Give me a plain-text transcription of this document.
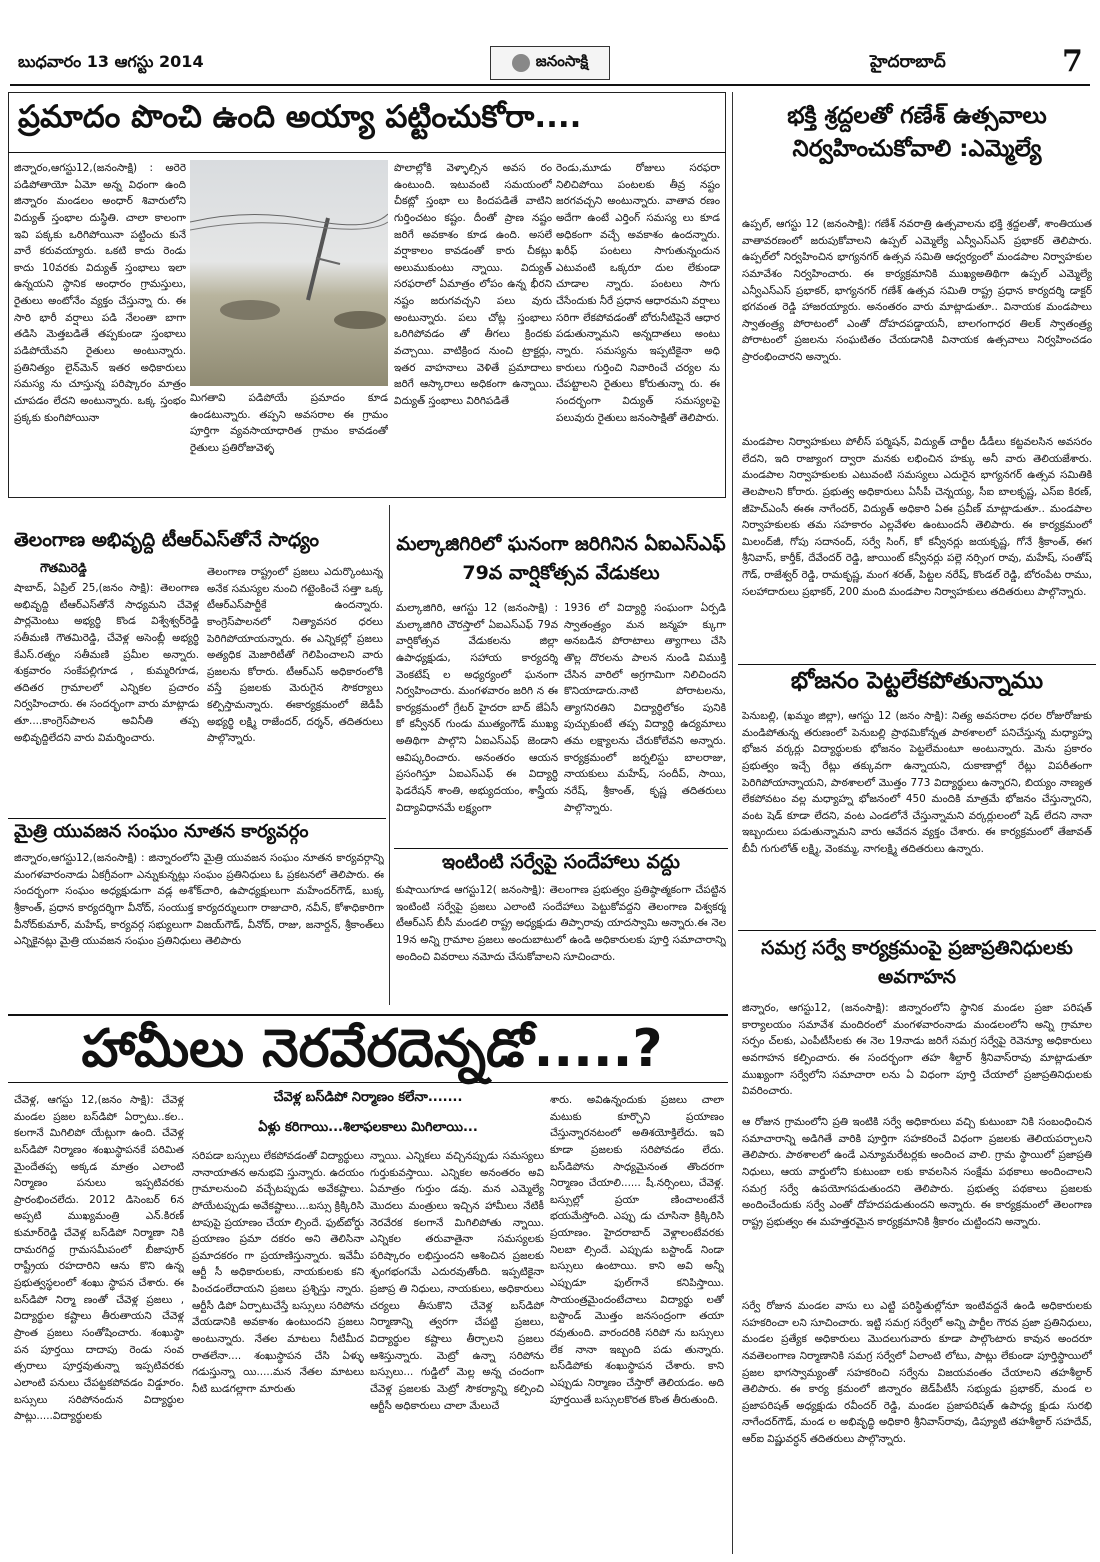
బుధవారం 13 ఆగస్టు 2014	జనంసాక్షి	హైదరాబాద్	7
ప్రమాదం పొంచి ఉంది అయ్యా పట్టించుకోరా....
జిన్నారం,ఆగస్టు12,(జనంసాక్షి) : అరెరె పడిపోతాయో ఏమో అన్న విధంగా ఉంది జిన్నారం మండలం అంధార్ శివారులోని విద్యుత్ స్తంభాల దుస్థితి. చాలా కాలంగా ఇవి పక్కకు ఒరిగిపోయినా పట్టించు కునే వారే కరువయ్యారు. ఒకటి కాదు రెండు కాదు 10వరకు విద్యుత్ స్తంభాలు ఇలా ఉన్నయని స్థానిక అంధారం గ్రామస్తులు, రైతులు అంటోనేం వ్యక్తం చేస్తున్నా రు. ఈ సారి భారీ వర్షాలు పడి నేలంతా బాగా తడిసి మెత్తబడితే తప్పకుండా స్తంభాలు పడిపోయేవని రైతులు అంటున్నారు. ప్రతినిత్యం లైన్‌మెన్ ఇతర అధికారులు సమస్య ను చూస్తున్న పరిష్కారం మాత్రం చూపడం లేదని అంటున్నారు. ఒక్క స్తంభం ప్రక్కకు కుంగిపోయినా
మిగతావి పడిపోయే ప్రమాదం కూడ ఉండటున్నారు. తప్పని అవసరాల ఈ గ్రామం పూర్తిగా వ్యవసాయాధారిత గ్రామం కావడంతో రైతులు ప్రతిరోజువెళ్ళ
పొలాల్లోకి వెళ్ళాల్సిన అవస రం ఉంటుంది. ఇటువంటి సమయంలో చీకట్లో స్తంభా లు కిందపడితే వాటిని గుర్తించటం కష్టం. దీంతో ప్రాణ నష్టం జరిగే అవకాశం కూడ ఉంది. అసలే వర్షాకాలం కావడంతో కారు చీకట్లు అలుముకుంటు న్నాయి. విద్యుత్ సరఫరాలో ఏమాత్రం లోపం ఉన్న భీరని నష్టం జరుగవచ్చని పలు వురు అంటున్నారు. పలు చోట్ల స్తంభాలు ఒరిగిపోవడం తో తీగలు క్రిందకు వచ్చాయి. వాటిక్రింద నుంచి ట్రాక్టర్లు, ఇతర వాహనాలు వెళితే ప్రమాదాలు జరిగే ఆస్కారాలు అధికంగా ఉన్నాయి. విద్యుత్ స్తంభాలు విరిగిపడితే
రెండు,మూడు రోజులు సరఫరా నిలిచిపోయి పంటలకు తీవ్ర నష్టం జరగవచ్చని అంటున్నారు. వాతావ రణం అదేగా ఉంటే ఎర్తింగ్ సమస్య లు కూడ అధికంగా వచ్చే అవకాశం ఉందన్నారు. ఖరీఫ్ పంటలు సాగుతున్నందున ఎటువంటి ఒక్కరూ దుల లేకుండా చూడాల న్నారు. పంటలు సాగు చేసేందుకు నీరే ప్రధాన ఆధారమని వర్షాలు సరిగా లేకపోవడంతో బోరునీటిపైనే ఆధార పడుతున్నామని అన్నదాతలు అంటు న్నారు. సమస్యను ఇప్పటికైనా అధి కారులు గుర్తించి నివారించే చర్యల ను చేపట్టాలని రైతులు కోరుతున్నా రు. ఈ సందర్భంగా విద్యుత్ సమస్యలపై పలువురు రైతులు జనంసాక్షితో తెలిపారు.
తెలంగాణ అభివృద్ది టీఆర్ఎస్‌తోనే సాధ్యం
గౌతమిరెడ్డి
షాబాద్, ఏప్రిల్ 25,(జనం సాక్షి): తెలంగాణ అభివృద్ది టీఆర్ఎస్‌తోనే సాధ్యమని చేవెళ్ల పార్లమెంటు అభ్యర్థి కొండ విశ్వేశ్వర్‌రెడ్డి సతీమణి గౌతమిరెడ్డి, చేవెళ్ల అసెంబ్లీ అభ్యర్థి కేఎస్.రత్నం సతీమణి ప్రమీల అన్నారు. శుక్రవారం సంకేపల్లిగూడ , కుమ్మరిగూడ, తదితర గ్రామాలలో ఎన్నికల ప్రచారం నిర్వహించారు. ఈ సందర్భంగా వారు మాట్లాడు తూ....కాంగ్రెస్‌పాలన అవినీతి తప్ప అభివృద్దిలేదని వారు విమర్శించారు.
తెలంగాణ రాష్ట్రంలో ప్రజలు ఎదుర్కొంటున్న అనేక సమస్యల నుంచి గట్టెంకించే సత్తా ఒక్క టీఆర్ఎస్‌పార్టీకే ఉందన్నారు. కాంగ్రెస్‌పాలనలో నిత్యావసర ధరలు పెరిగిపోయాయన్నారు. ఈ ఎన్నికల్లో ప్రజలు అత్యధిక మెజారిటీతో గెలిపించాలని వారు ప్రజలను కోరారు. టీఆర్ఎస్ అధికారంలోకి వస్తే ప్రజలకు మెరుగైన సౌకర్యాలు కల్పిస్తామన్నారు. ఈకార్యక్రమంలో జెడీపీ అభ్యర్థి లక్ష్మి రాజేందర్, దర్శన్, తదితరులు పాల్గొన్నారు.
మైత్రి యువజన సంఘం నూతన కార్యవర్గం
జిన్నారం,ఆగస్టు12,(జనంసాక్షి) : జిన్నారంలోని మైత్రి యువజన సంఘం నూతన కార్యవర్గాన్ని మంగళవారంనాడు ఏకగ్రీవంగా ఎన్నుకున్నట్లు సంఘం ప్రతినిధులు ఓ ప్రకటనలో తెలిపారు. ఈ సందర్భంగా సంఘం అధ్యక్షుడుగా వడ్ల అశోక్‌చారి, ఉపాధ్యక్షులుగా మహేందర్‌గౌడ్, బుక్క శ్రీకాంత్, ప్రధాన కార్యదర్శిగా వీనోద్, సంయుక్త కార్యదర్శులుగా రాజుచారి, నవీన్, కోశాధికారిగా వీనోద్‌కుమార్, మహేష్, కార్యవర్గ సభ్యులుగా విజయ్‌గౌడ్, వీనోద్, రాజు, జనార్దన్, శ్రీకాంత్‌లు ఎన్నికైనట్లు మైత్రి యువజన సంఘం ప్రతినిధులు తెలిపారు
మల్కాజిగిరిలో ఘనంగా జరిగినిన ఏఐఎస్ఎఫ్ 79వ వార్షికోత్సవ వేడుకలు
మల్కాజిగిరి, ఆగస్టు 12 (జనంసాక్షి) : మల్కాజిగిరి చౌరస్తాలో ఏఐఎస్ఎఫ్ 79వ వార్షికోత్సవ వేడుకలను జిల్లా ఉపాధ్యక్షుడు, సహాయ కార్యదర్శి వెంకటేష్ ల అధ్యర్యంలో ఘనంగా నిర్వహించారు. మంగళవారం జరిగి న ఈ కార్యక్రమంలో గ్రేటర్ హైదరా బాద్ జేఏసీ కో కన్వీనర్ గుండు ముత్యంగౌడ్ ముఖ్య అతిథిగా పాల్గొని ఏఐఎస్ఎఫ్ జెండాని ఆవిష్కరించారు. అనంతరం ఆయన ప్రసంగిస్తూ ఏఐఎస్ఎఫ్ ఈ విద్యార్ధి ఫెడరేషన్ శాంతి, అభ్యుదయం, శాస్త్రీయ విద్యావిధానమే లక్ష్యంగా
1936 లో విద్యార్ధి సంఘంగా ఏర్పడి స్వాతంత్ర్యం మన జన్మహ క్కుగా అనబడిన పోరాటాలు త్యాగాలు చేసి తొల్ల దొరలను పాలన నుండి విముక్తి చేసిన వారిలో అగ్రగామిగా నిలిచిందని కొనియాడారు.నాటి పోరాటలను, త్యాగనిరతిని విద్యార్ధిలోకం పునికి పుచ్చుకుంటే తప్ప విద్యార్ధి ఉద్యమాలు తమ లక్ష్యాలను చేరుకోలేవని అన్నారు. కార్యక్రమంలో జర్నలిస్టు బాలరాజు, నాయకులు మహేష్, సందీప్, సాయి, నరేష్, శ్రీకాంత్, కృష్ణ తదితరులు పాల్గొన్నారు.
ఇంటింటి సర్వేపై సందేహాలు వద్దు
కుషాయిగూడ ఆగస్టు12( జనంసాక్షి): తెలంగాణ ప్రభుత్వం ప్రతిష్ఠాత్మకంగా చేపట్టిన ఇంటింటి సర్వేపై ప్రజలు ఎలాంటి సందేహాలు పెట్టుకోవద్దని తెలంగాణ విశ్వకర్మ టీఆర్ఎస్ బీసీ మండలి రాష్ట్ర అధ్యక్షుడు తిప్పారావు యాదస్వామి అన్నారు.ఈ నెల 19న అన్ని గ్రామాల ప్రజలు అందుబాటులో ఉండి అధికారులకు పూర్తి సమాచారాన్ని అందించి వివరాలు నమోదు చేసుకోవాలని సూచించారు.
భక్తి శ్రద్దలతో గణేశ్ ఉత్సవాలు నిర్వహించుకోవాలి :ఎమ్మెల్యే
ఉప్పల్, ఆగస్టు 12 (జనంసాక్షి): గణేశ్ నవరాత్రి ఉత్సవాలను భక్తి శ్రద్దలతో, శాంతియుత వాతావరణంలో జరుపుకోవాలని ఉప్పల్ ఎమ్మెల్యే ఎన్వీఎస్ఎస్ ప్రభాకర్ తెలిపారు. ఉప్పల్‌లో నిర్వహించిన భాగ్యనగర్ ఉత్సవ సమితి ఆధ్వర్యంలో మండపాల నిర్వాహకుల సమావేశం నిర్వహించారు. ఈ కార్యక్రమానికి ముఖ్యఅతిథిగా ఉప్పల్ ఎమ్మెల్యే ఎన్వీఎస్ఎస్ ప్రభాకర్, భాగ్యనగర్ గణేశ్ ఉత్సవ సమితి రాష్ట్ర ప్రధాన కార్యదర్శి డాక్టర్ భగవంత రెడ్డి హాజరయ్యారు. అనంతరం వారు మాట్లాడుతూ.. వినాయక మండపాలు స్వాతంత్ర్య పోరాటంలో ఎంతో దోహదపడ్డాయనీ, బాలగంగాధర తిలక్ స్వాతంత్ర్య పోరాటంలో ప్రజలను సంఘటితం చేయడానికి వినాయక ఉత్సవాలు నిర్వహించడం ప్రారంభించారని అన్నారు.
మండపాల నిర్వాహకులు పోలీస్ పర్మిషన్, విద్యుత్ చార్జీల డీడీలు కట్టవలసిన అవసరం లేదని, ఇది రాజ్యాంగ ద్వారా మనకు లభించిన హక్కు అనీ వారు తెలియజేశారు. మండపాల నిర్వాహకులకు ఎటువంటి సమస్యలు ఎదురైన భాగ్యనగర్ ఉత్సవ సమితికి తెలపాలని కోరారు. ప్రభుత్వ అధికారులు ఏసీపీ చెన్నయ్య, సీఐ బాలకృష్ణ, ఎస్ఐ కిరణ్, జీహెచ్ఎంసీ ఈఈ నాగేందర్, విద్యుత్ అధికారి ఏఈ ప్రవీణ్ మాట్లాడుతూ.. మండపాల నిర్వాహకులకు తమ సహకారం ఎల్లవేళల ఉంటుందనీ తెలిపారు. ఈ కార్యక్రమంలో మిలంద్‌జీ, గోపు సదానంద్, సర్వే సింగ్, కో కన్వీనర్లు జయకృష్ణ, గోనే శ్రీకాంత్, ఈగ శ్రీనివాస్, కార్తీక్, దేవేందర్ రెడ్డి, జాయింట్ కన్వీనర్లు పల్లె నర్సింగ రావు, మహేష్, సంతోష్ గౌడ్, రాజేశ్వర్ రెడ్డి, రామకృష్ణ, మంగ శరత్, పిట్టల నరేష్, కొండల్ రెడ్డి, బోరంపేట రాము, సలహాదారులు ప్రభాకర్, 200 మంది మండపాల నిర్వాహకులు తదితరులు పాల్గొన్నారు.
భోజనం పెట్టలేకపోతున్నాము
పెనుబల్లి, (ఖమ్మం జిల్లా), ఆగస్టు 12 (జనం సాక్షి): నిత్య అవసరాల ధరల రోజురోజుకు మండిపోతున్న తరుణంలో పెనుబల్లి ప్రాథమికోన్నత పాఠశాలలో పనిచేస్తున్న మధ్యాహ్న భోజన వర్కర్లు విద్యార్థులకు భోజనం పెట్టలేమంటూ అంటున్నారు. మెను ప్రకారం ప్రభుత్వం ఇచ్చే రేట్లు తక్కువగా ఉన్నాయని, దుకాణాల్లో రేట్లు విపరీతంగా పెరిగిపోయాన్నాయని, పాఠశాలలో మొత్తం 773 విద్యార్థులు ఉన్నారని, బియ్యం నాణ్యత లేకపోవటం వల్ల మధ్యాహ్న భోజనంలో 450 మందికి మాత్రమే భోజనం చేస్తున్నారని, వంట షెడ్ కూడా లేదని, వంట ఎండలోనే చేస్తున్నామని వర్కర్లులంలో షెడ్ లేదని నానా ఇబ్బందులు పడుతున్నామని వారు ఆవేదన వ్యక్తం చేశారు. ఈ కార్యక్రమంలో తేజావత్ బీవీ గుగులోత్ లక్ష్మి, వెంకమ్మ, నాగలక్ష్మి తదితరులు ఉన్నారు.
సమగ్ర సర్వే కార్యక్రమంపై ప్రజాప్రతినిధులకు అవగాహన
జిన్నారం, ఆగస్టు12, (జనంసాక్షి): జిన్నారంలోని స్థానిక మండల ప్రజా పరిషత్ కార్యాలయం సమావేశ మందిరంలో మంగళవారంనాడు మండలంలోని అన్ని గ్రామాల సర్పం చ్‌లకు, ఎంపీటీసీలకు ఈ నెల 19నాడు జరిగే సమగ్ర సర్వేపై రెవెన్యూ అధికారులు అవగాహన కల్పించారు. ఈ సందర్భంగా తహ శీల్దార్ శ్రీనివాస్‌రావు మాట్లాడుతూ ముఖ్యంగా సర్వేలోని సమాచారా లను ఏ విధంగా పూర్తి చేయాలో ప్రజాప్రతినిధులకు వివరించారు.
ఆ రోజున గ్రామంలోని ప్రతి ఇంటికి సర్వే అధికారులు వచ్చి కుటుంబా నికి సంబంధించిన సమాచారాన్ని అడిగితే వారికి పూర్తిగా సహకరించే విధంగా ప్రజలకు తెలియపర్చాలని తెలిపారు. పాఠశాలలో ఉండే ఎన్యూమరేటర్లకు అందించ వాలి. గ్రామ స్థాయిలో ప్రజాప్రతి నిధులు, ఆయ వార్డులోని కుటుంబా లకు కావలసిన సంక్షేమ పథకాలు అందించాలని సమగ్ర సర్వే ఉపయోగపడుతుందని తెలిపారు. ప్రభుత్వ పథకాలు ప్రజలకు అందించేందుకు సర్వే ఎంతో దోహదపడుతుందని అన్నారు. ఈ కార్యక్రమంలో తెలంగాణ రాష్ట్ర ప్రభుత్వం ఈ మహత్తరమైన కార్యక్రమానికి శ్రీకారం చుట్టిందని అన్నారు.
సర్వే రోజున మండల వాసు లు ఎట్టి పరిస్థితుల్లోనూ ఇంటివద్దనే ఉండి అధికారులకు సహకరించా లని సూచించారు. ఇట్టి సమగ్ర సర్వేలో అన్ని పార్టీల గౌరవ ప్రజా ప్రతినిధులు, మండల ప్రత్యేక అధికారులు మొదలుగువారు కూడా పాల్గొంటారు కావున అందరూ నవతెలంగాణ నిర్మాణానికి సమగ్ర సర్వేలో ఏలాంటి లోటు, పాట్లు లేకుండా పూర్తిస్థాయిలో ప్రజల భాగస్వామ్యంతో సహకరించి సర్వేను విజయవంతం చేయాలని తహశీల్దార్ తెలిపారు. ఈ కార్య క్రమంలో జిన్నారం జెడ్‌పీటీసీ సభ్యుడు ప్రభాకర్, మండ ల ప్రజాపరిషత్ అధ్యక్షుడు రవీందర్ రెడ్డి, మండల ప్రజాపరిషత్ ఉపాధ్య క్షుడు సురభి నాగేందర్‌గౌడ్, మండ ల అభివృద్ధి అధికారి శ్రీనివాస్‌రావు, డిప్యూటి తహశీల్దార్ సహదేవ్, ఆర్ఐ విష్ణువర్ధన్ తదితరులు పాల్గొన్నారు.
హామీలు నెరవేరదెన్నడో.....?
చేవెళ్ల, ఆగస్టు 12,(జనం సాక్షి): చేవెళ్ల మండల ప్రజల బస్‌డిపో ఏర్పాటు..కల.. కలగానే మిగిలిపో యేట్లుగా ఉంది. చేవెళ్ల బస్‌డిపో నిర్మాణం శంఖుస్థాపనకే పరిమిత మైందేతప్ప అక్కడ మాత్రం ఎలాంటి నిర్మాణం పనులు ఇప్పటివరకు ప్రారంభించలేదు. 2012 డిసెంబర్ 6న అప్పటి ముఖ్యమంత్రి ఎన్.కిరణ్ కుమార్‌రెడ్డి చేవెళ్ల బస్‌డిపో నిర్మాణా నికి దామరగిద్ద గ్రామసమీపంలో బీజాపూర్ రాష్ట్రీయ రహదారిని ఆను కొని ఉన్న ప్రభుత్వస్థలంలో శంఖు స్థాపన చేశారు. ఈ బస్‌డిపో నిర్మా ణంతో చేవెళ్ల ప్రజలు , విద్యార్థుల కష్టాలు తీరుతాయని చేవెళ్ల ప్రాంత ప్రజలు సంతోషించారు. శంఖుస్థా పన పూర్తయి దాదాపు రెండు సంవ త్సరాలు పూర్తవుతున్నా ఇప్పటివరకు ఎలాంటి పనులు చేపట్టకపోవడం విడ్డూరం. బస్సులు సరిపోనందున విద్యార్థుల పాట్లు.....విద్యార్థులకు
చేవెళ్ల బస్‌డిపో నిర్మాణం కలేనా.......
ఏళ్లు కరిగాయి...శిలాఫలకాలు మిగిలాయి...
సరిపడా బస్సులు లేకపోవడంతో విద్యార్థులు నానాయాతన అనుభవి స్తున్నారు. ఉదయం గ్రామాలనుంచి వచ్చేటప్పుడు అవేకష్టాలు. పోయేటప్పుడు అవేకష్టాలు....బస్సు క్రిక్కిరిసి టాపుపై ప్రయాణం చేయా ల్సిందే. ఫుట్‌బోర్డు ప్రయాణం ప్రమా దకరం అని తెలిసినా ప్రమాదకరం గా ప్రయాణిస్తున్నారు. ఇవేమీ ఆర్టీ సీ అధికారులకు, నాయకులకు కని పించడంలేదాయని ప్రజలు ప్రశ్నిస్తు న్నారు. ఆర్టీసీ డిపో ఏర్పాటుచేస్తే బస్సులు సరిపోను వేయడానికి అవకాశం ఉంటుందని ప్రజలు అంటున్నారు. నేతల మాటలు నీటిమీద రాతలేనా.... శంఖుస్థాపన చేసి ఏళ్ళు గడుస్తున్నా యి.....మన నేతల మాటలు నీటి బుడగల్లాగా మారుతు
న్నాయి. ఎన్నికలు వచ్చినప్పుడు సమస్యలు గుర్తుకువస్తాయి. ఎన్నికల అనంతరం అవి ఏమాత్రం గుర్తుం డవు. మన ఎమ్మెల్యే మొదలు మంత్రులు ఇచ్చిన హామీలు నేటికీ నెరవేరక కలగానే మిగిలిపోతు న్నాయి. ఎన్నికల తరువాతైనా సమస్యలకు పరిష్కారం లభిస్తుందని ఆశించిన ప్రజలకు శృంగభంగమే ఎదురవుతోంది. ఇప్పటికైనా ప్రజాప్ర తి నిధులు, నాయకులు, అధికారులు చర్యలు తీసుకొని చేవెళ్ల బస్‌డిపో నిర్మాణాన్ని త్వరగా చేపట్టి ప్రజలు, విద్యార్థుల కష్టాలు తీర్చాలని ప్రజలు ఆశిస్తున్నారు. మెట్రో ఉన్నా సరిపోను బస్సులు... గుడ్డిలో మెల్ల అన్న చందంగా చేవెళ్ల ప్రజలకు మెట్రో సౌకర్యాన్ని కల్పించి ఆర్టీసీ అధికారులు చాలా మేలుచే
శారు. అవిఉన్నందుకు ప్రజలు చాలా మటుకు కూర్చొని ప్రయాణం చేస్తున్నారనటంలో అతిశయోక్తిలేదు. ఇవి కూడా ప్రజలకు సరిపోవడం లేదు. బస్‌డిపోను సాధ్యమైనంత తొందరగా నిర్మాణం చేయాలి...... షీ.నర్సింలు, చేవెళ్ల. బస్సుల్లో ప్రయా ణించాలంటేనే భయమేస్తోంది. ఎప్పు డు చూసినా క్రిక్కిరిసి ప్రయాణం. హైదరాబాద్ వెళ్లాలంటేవరకు నిలబా ల్సిందే. ఎప్పుడు బస్టాండ్ నిండా బస్సులు ఉంటాయి. కాని అవి అన్నీ ఎప్పుడూ ఫుల్‌గానే కనిపిస్తాయి. సాయంత్రమైందంటేచాలు విద్యార్థు లతో బస్టాండ్ మొత్తం జనసంద్రంగా తయా రవుతుంది. వారందరికి సరిపో ను బస్సులు లేక నానా ఇబ్బంది పడు తున్నారు. బస్‌డిపోకు శంఖుస్థాపన చేశారు. కాని ఎప్పుడు నిర్మాణం చేస్తారో తెలియడం. అది పూర్తయితే బస్సులకొరత కొంత తీరుతుంది.
